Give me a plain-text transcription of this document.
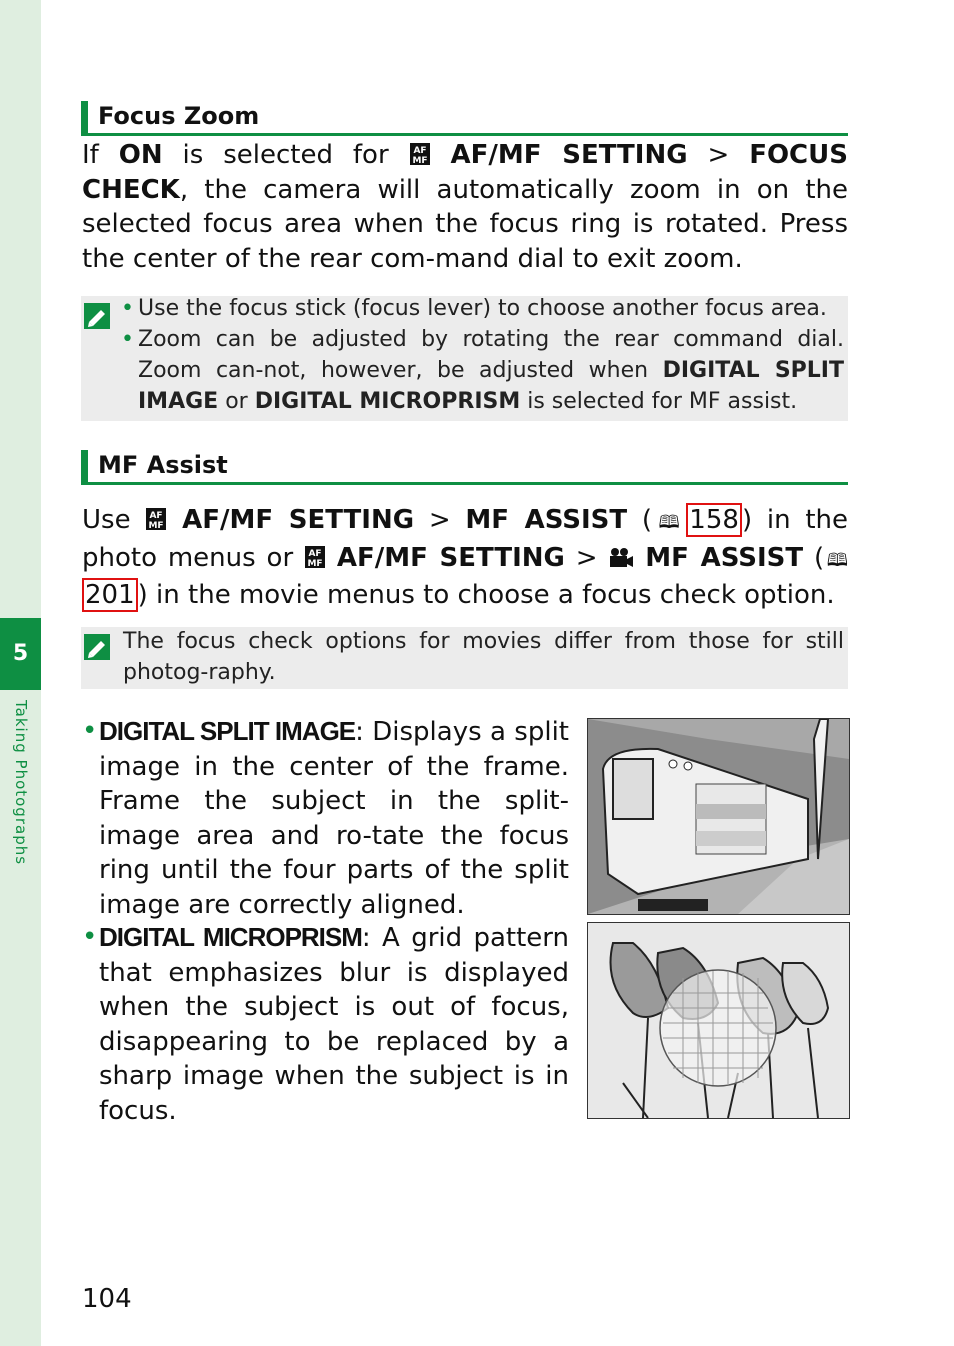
5
Taking Photographs
Focus Zoom
If ON is selected for AF
MF AF/MF SETTING > FOCUS CHECK, the camera will automatically zoom in on the selected focus area when the focus ring is rotated. Press the center of the rear com-mand dial to exit zoom.
• Use the focus stick (focus lever) to choose another focus area.
• Zoom can be adjusted by rotating the rear command dial. Zoom can-not, however, be adjusted when DIGITAL SPLIT IMAGE or DIGITAL MICROPRISM is selected for MF assist.
MF Assist
Use AF
MF AF/MF SETTING > MF ASSIST (🕮 158 ) in the photo menus or AF
MF AF/MF SETTING >  MF ASSIST (🕮201 ) in the movie menus to choose a focus check option.
The focus check options for movies differ from those for still photog-raphy.
• DIGITAL SPLIT IMAGE: Displays a split image in the center of the frame. Frame the subject in the split-image area and ro-tate the focus ring until the four parts of the split image are correctly aligned.
• DIGITAL MICROPRISM: A grid pattern that emphasizes blur is displayed when the subject is out of focus, disappearing to be replaced by a sharp image when the subject is in focus.
104
